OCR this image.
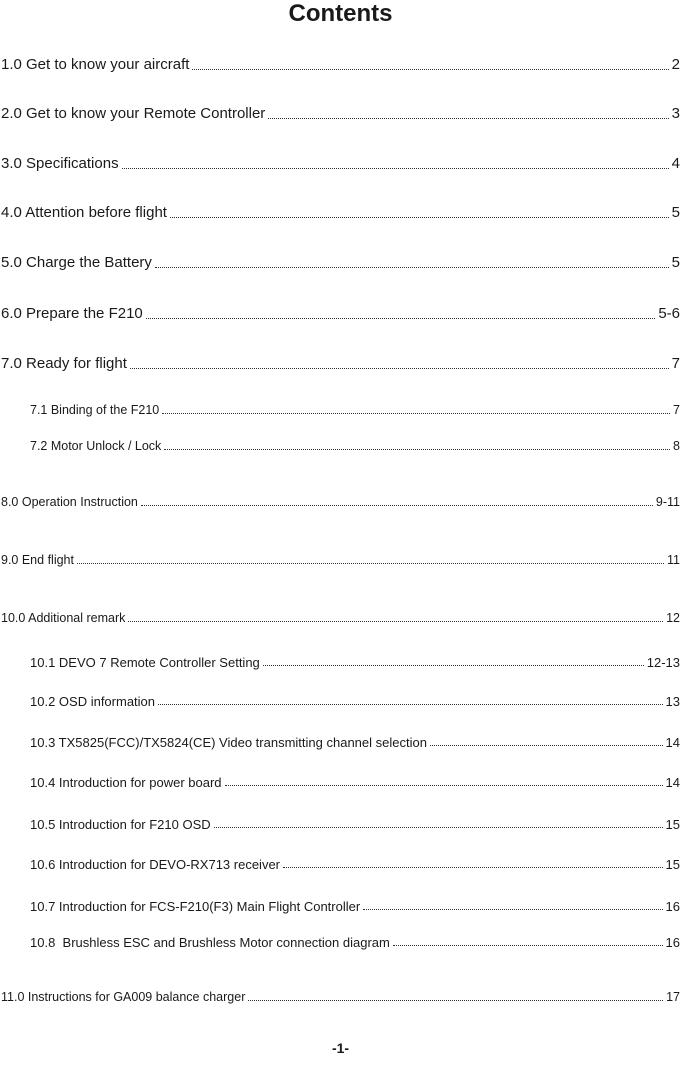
Contents
1.0 Get to know your aircraft	2
2.0 Get to know your Remote Controller	3
3.0 Specifications	4
4.0 Attention before flight	5
5.0 Charge the Battery	5
6.0 Prepare the F210	5-6
7.0 Ready for flight	7
7.1 Binding of the F210	7
7.2 Motor Unlock / Lock	8
8.0 Operation Instruction	9-11
9.0 End flight	11
10.0 Additional remark	12
10.1 DEVO 7 Remote Controller Setting	12-13
10.2 OSD information	13
10.3 TX5825(FCC)/TX5824(CE) Video transmitting channel selection	14
10.4 Introduction for power board	14
10.5 Introduction for F210 OSD	15
10.6 Introduction for DEVO-RX713 receiver	15
10.7 Introduction for FCS-F210(F3) Main Flight Controller	16
10.8  Brushless ESC and Brushless Motor connection diagram	16
11.0 Instructions for GA009 balance charger	17
-1-
